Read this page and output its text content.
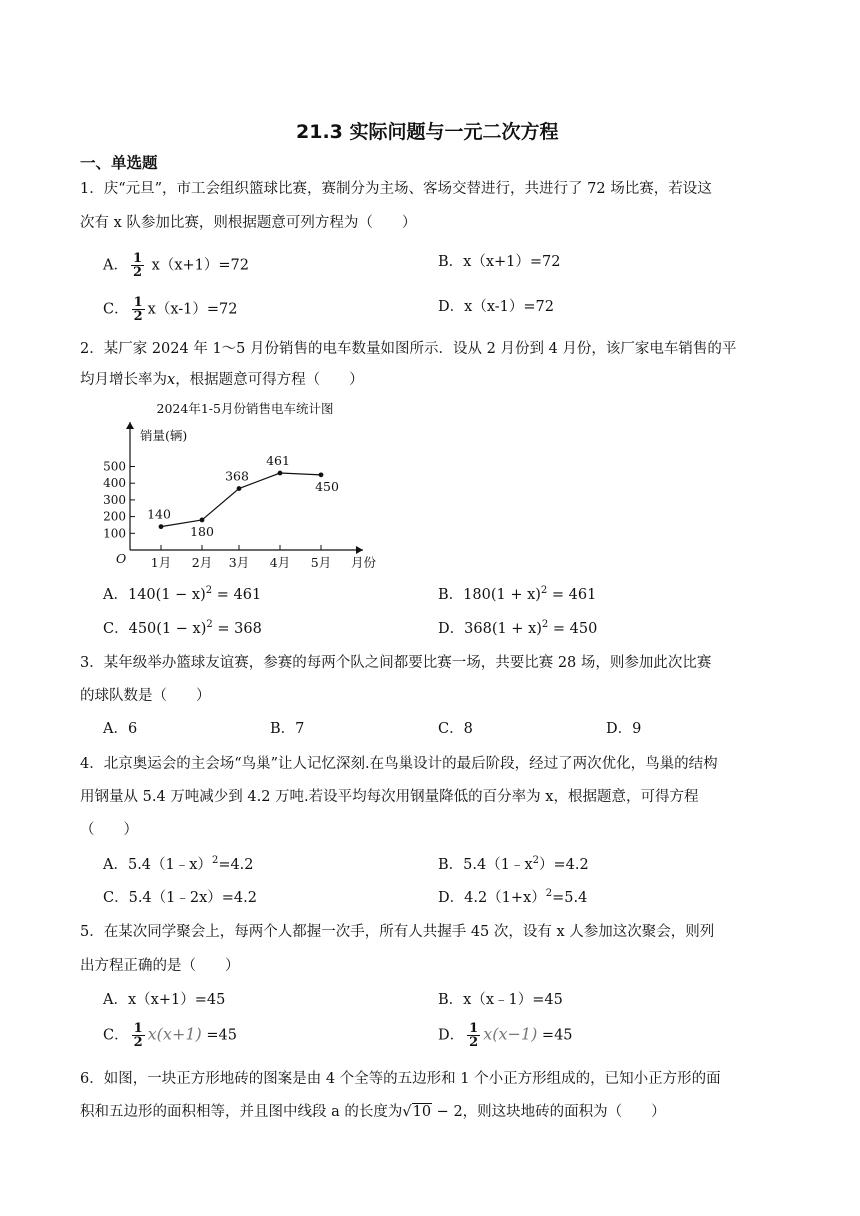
21.3 实际问题与一元二次方程
一、单选题
1．庆“元旦”，市工会组织篮球比赛，赛制分为主场、客场交替进行，共进行了 72 场比赛，若设这
次有 x 队参加比赛，则根据题意可列方程为（　　）
A． $\frac{1}{2} x(x+1)=72$	B．x（x+1）=72
C． $\frac{1}{2} x(x-1)=72$	D．x（x-1）=72
2．某厂家 2024 年 1～5 月份销售的电车数量如图所示．设从 2 月份到 4 月份，该厂家电车销售的平
均月增长率为x，根据题意可得方程（　　）
2024年1-5月份销售电车统计图
销量(辆)
月份
O
100
200
300
400
500
1月 2月 3月 4月 5月
140
180
368
461
450
A．$140(1 - x)^2 = 461$	B．$180(1 + x)^2 = 461$
C．$450(1 - x)^2 = 368$	D．$368(1 + x)^2 = 450$
3．某年级举办篮球友谊赛，参赛的每两个队之间都要比赛一场，共要比赛 28 场，则参加此次比赛
的球队数是（　　）
A．6	B．7	C．8	D．9
4．北京奥运会的主会场“鸟巢”让人记忆深刻.在鸟巢设计的最后阶段，经过了两次优化，鸟巢的结构
用钢量从 5.4 万吨减少到 4.2 万吨.若设平均每次用钢量降低的百分率为 x，根据题意，可得方程
（　　）
A．5.4（1﹣x）$^2$=4.2	B．$5.4(1﹣x^2)=4.2$
C．5.4（1﹣2x）=4.2	D．$4.2(1+x)^2=5.4$
5．在某次同学聚会上，每两个人都握一次手，所有人共握手 45 次，设有 x 人参加这次聚会，则列
出方程正确的是（　　）
A．x（x+1）=45	B．x（x﹣1）=45
C． $\frac{1}{2} x(x+1) =45$	D． $\frac{1}{2} x(x-1) =45$
6．如图，一块正方形地砖的图案是由 4 个全等的五边形和 1 个小正方形组成的，已知小正方形的面
积和五边形的面积相等，并且图中线段 a 的长度为√10 − 2，则这块地砖的面积为（　　）
